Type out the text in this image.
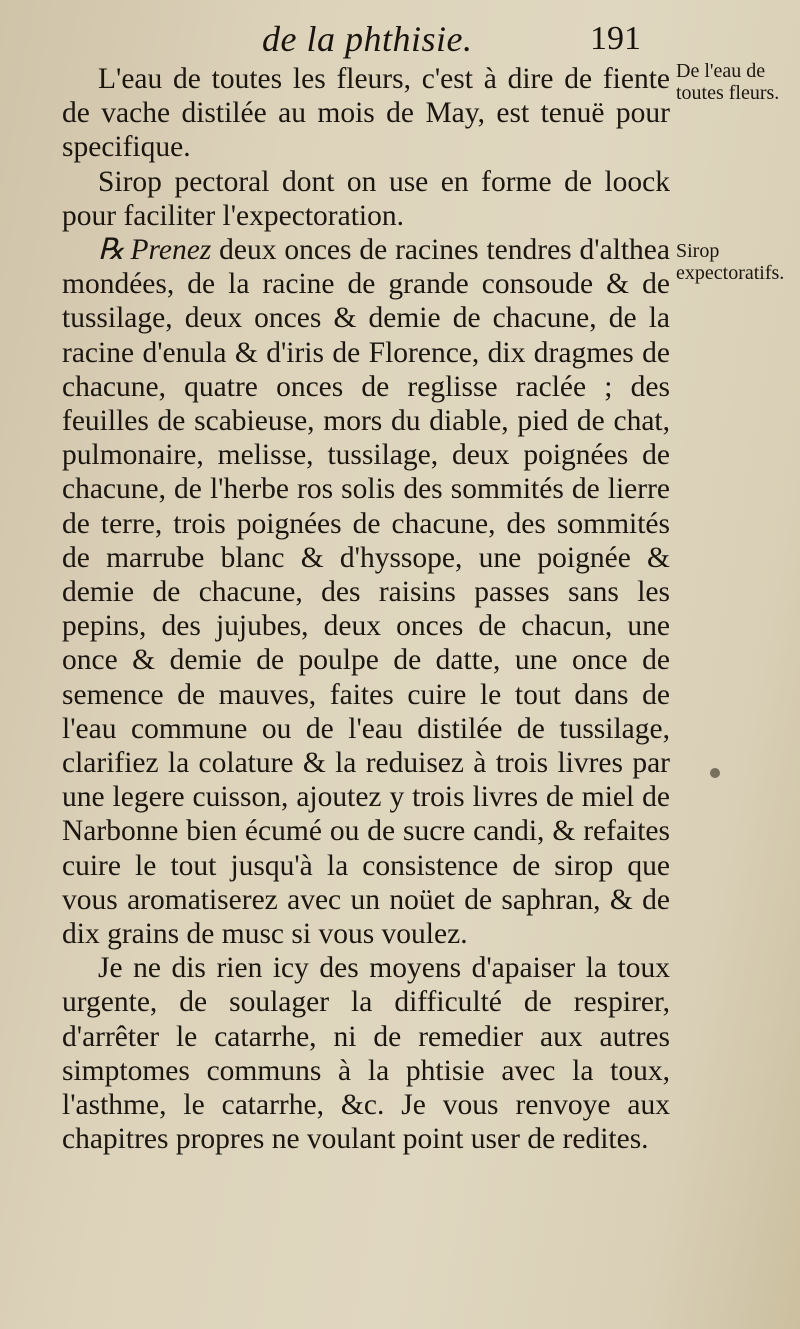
de la phthisie.	191
De l'eau de toutes fleurs.
Sirop expectoratifs.

L'eau de toutes les fleurs, c'est à dire de fiente de vache distilée au mois de May, est tenuë pour specifique.

Sirop pectoral dont on use en forme de loock pour faciliter l'expectoration.

℞ Prenez deux onces de racines tendres d'althea mondées, de la racine de grande consoude & de tussilage, deux onces & demie de chacune, de la racine d'enula & d'iris de Florence, dix dragmes de chacune, quatre onces de reglisse raclée ; des feuilles de scabieuse, mors du diable, pied de chat, pulmonaire, melisse, tussilage, deux poignées de chacune, de l'herbe ros solis des sommités de lierre de terre, trois poignées de chacune, des sommités de marrube blanc & d'hyssope, une poignée & demie de chacune, des raisins passes sans les pepins, des jujubes, deux onces de chacun, une once & demie de poulpe de datte, une once de semence de mauves, faites cuire le tout dans de l'eau commune ou de l'eau distilée de tussilage, clarifiez la colature & la reduisez à trois livres par une legere cuisson, ajoutez y trois livres de miel de Narbonne bien écumé ou de sucre candi, & refaites cuire le tout jusqu'à la consistence de sirop que vous aromatiserez avec un noüet de saphran, & de dix grains de musc si vous voulez.

Je ne dis rien icy des moyens d'apaiser la toux urgente, de soulager la difficulté de respirer, d'arrêter le catarrhe, ni de remedier aux autres simptomes communs à la phtisie avec la toux, l'asthme, le catarrhe, &c. Je vous renvoye aux chapitres propres ne voulant point user de redites.
